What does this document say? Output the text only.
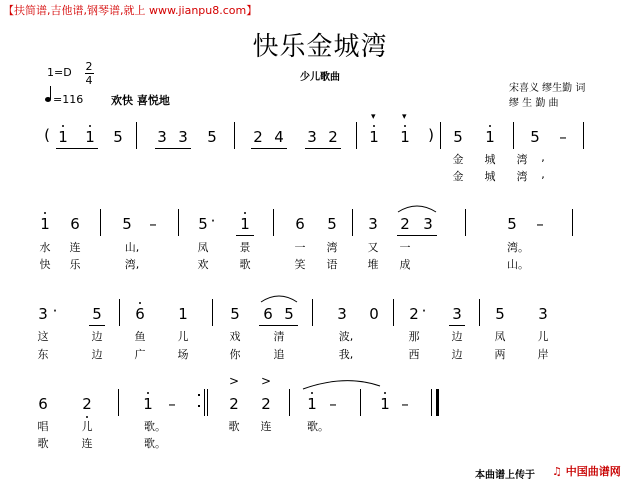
【扶简谱,吉他谱,钢琴谱,就上 www.jianpu8.com】
快乐金城湾
少儿歌曲
宋喜义 缪生勤 词
缪 生 勤 曲
1=D 2
4
=116	欢快 喜悦地
( 1 1 5 3 3 5 2 4 3 2 1 1 ) 5 1 5 –
▾	▾
金 城 湾 ,
金 城 湾 ,
1 6	5 –	5 · 1	6 5 3 2 3	5 –
水 连	山,	凤	景	一 湾	又 一	湾。
快 乐	湾,	欢	歌	笑 语	堆 成	山。
3 · 5 6 1	5 6 5	3 0 2 · 3 5 3
这	边	鱼	儿	戏	清	波,	那	边	凤	儿
东	边	广	场	你	追	我,	西	边	两	岸
6 2	1 –	2 2 1 –	1 –
> >
唱	儿	歌。	歌 连	歌。
歌	连	歌。
本曲谱上传于 ♫ 中国曲谱网
